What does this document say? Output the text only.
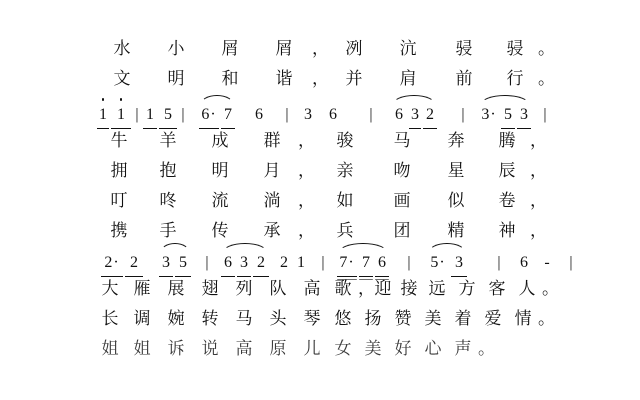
水	小	屑	屑	， 冽	沆	骎	骎 。
文	明	和	谐	， 并	肩	前	行 。
1 1 | 1 5 | 6· 7	6	| 3	6	|	6 3 2 | 3· 5 3 |
牛	羊	成	群	，	骏	马	奔	腾 ，
拥	抱	明	月	，	亲	吻	星	辰 ，
叮	咚	流	淌	，	如	画	似	卷 ，
携	手	传	承	，	兵	团	精	神 ，
2· 2	3 5	| 6 3 2 2 1	| 7· 7 6 | 5· 3	|	6	-	|
大 雁	展	翅	列	队	高 歌 ， 迎 接 远 方 客 人 。
长 调	婉	转	马	头	琴 悠 扬 赞 美 着 爱 情 。
姐 姐	诉	说	高	原	儿 女 美 好 心 声 。
